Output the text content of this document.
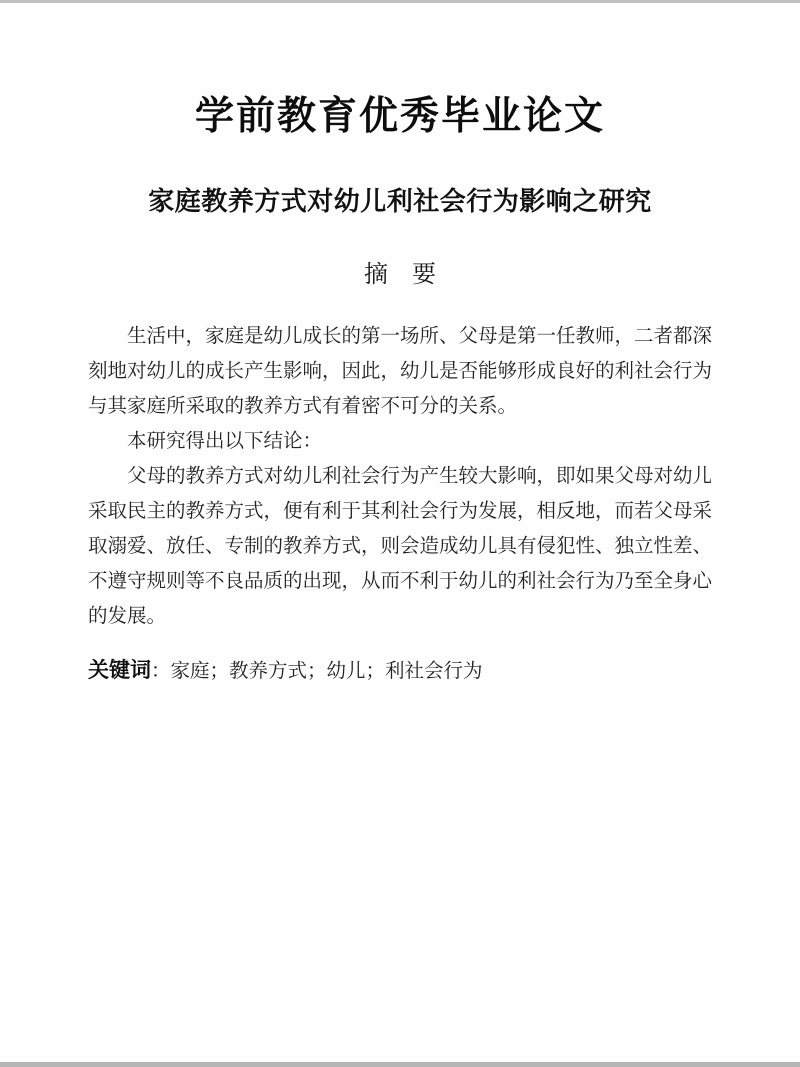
学前教育优秀毕业论文
家庭教养方式对幼儿利社会行为影响之研究
摘　要

生活中，家庭是幼儿成长的第一场所、父母是第一任教师，二者都深刻地对幼儿的成长产生影响，因此，幼儿是否能够形成良好的利社会行为与其家庭所采取的教养方式有着密不可分的关系。

本研究得出以下结论：

父母的教养方式对幼儿利社会行为产生较大影响，即如果父母对幼儿采取民主的教养方式，便有利于其利社会行为发展，相反地，而若父母采取溺爱、放任、专制的教养方式，则会造成幼儿具有侵犯性、独立性差、不遵守规则等不良品质的出现，从而不利于幼儿的利社会行为乃至全身心的发展。

关键词：家庭；教养方式；幼儿；利社会行为
